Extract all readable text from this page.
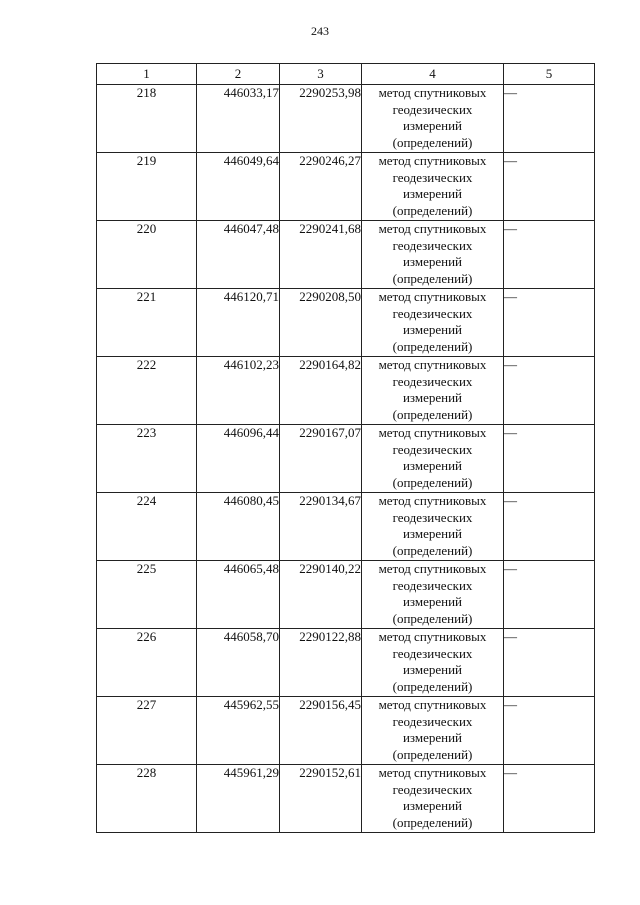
243
1	2	3	4	5
218	446033,17	2290253,98	метод спутниковых
геодезических
измерений
(определений)	—
219	446049,64	2290246,27	метод спутниковых
геодезических
измерений
(определений)	—
220	446047,48	2290241,68	метод спутниковых
геодезических
измерений
(определений)	—
221	446120,71	2290208,50	метод спутниковых
геодезических
измерений
(определений)	—
222	446102,23	2290164,82	метод спутниковых
геодезических
измерений
(определений)	—
223	446096,44	2290167,07	метод спутниковых
геодезических
измерений
(определений)	—
224	446080,45	2290134,67	метод спутниковых
геодезических
измерений
(определений)	—
225	446065,48	2290140,22	метод спутниковых
геодезических
измерений
(определений)	—
226	446058,70	2290122,88	метод спутниковых
геодезических
измерений
(определений)	—
227	445962,55	2290156,45	метод спутниковых
геодезических
измерений
(определений)	—
228	445961,29	2290152,61	метод спутниковых
геодезических
измерений
(определений)	—
